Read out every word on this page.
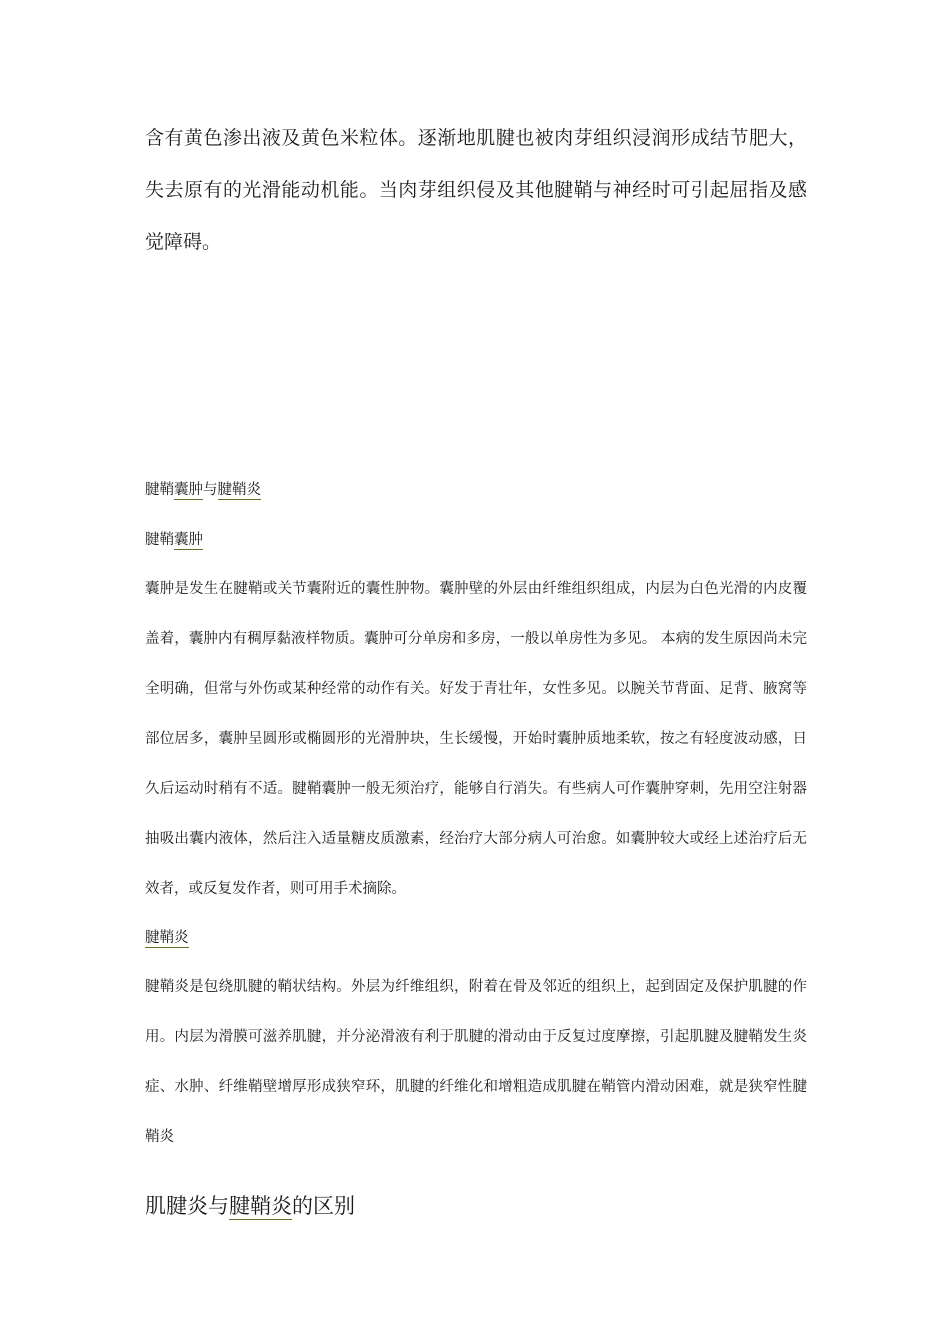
含有黄色渗出液及黄色米粒体。逐渐地肌腱也被肉芽组织浸润形成结节肥大，失去原有的光滑能动机能。当肉芽组织侵及其他腱鞘与神经时可引起屈指及感觉障碍。

腱鞘囊肿与腱鞘炎
腱鞘囊肿

囊肿是发生在腱鞘或关节囊附近的囊性肿物。囊肿壁的外层由纤维组织组成，内层为白色光滑的内皮覆盖着，囊肿内有稠厚黏液样物质。囊肿可分单房和多房，一般以单房性为多见。 本病的发生原因尚未完全明确，但常与外伤或某种经常的动作有关。好发于青壮年，女性多见。以腕关节背面、足背、腋窝等部位居多，囊肿呈圆形或椭圆形的光滑肿块，生长缓慢，开始时囊肿质地柔软，按之有轻度波动感，日久后运动时稍有不适。腱鞘囊肿一般无须治疗，能够自行消失。有些病人可作囊肿穿刺，先用空注射器抽吸出囊内液体，然后注入适量糖皮质激素，经治疗大部分病人可治愈。如囊肿较大或经上述治疗后无效者，或反复发作者，则可用手术摘除。

腱鞘炎

腱鞘炎是包绕肌腱的鞘状结构。外层为纤维组织，附着在骨及邻近的组织上，起到固定及保护肌腱的作用。内层为滑膜可滋养肌腱，并分泌滑液有利于肌腱的滑动由于反复过度摩擦，引起肌腱及腱鞘发生炎症、水肿、纤维鞘壁增厚形成狭窄环，肌腱的纤维化和增粗造成肌腱在鞘管内滑动困难，就是狭窄性腱鞘炎

肌腱炎与腱鞘炎的区别
